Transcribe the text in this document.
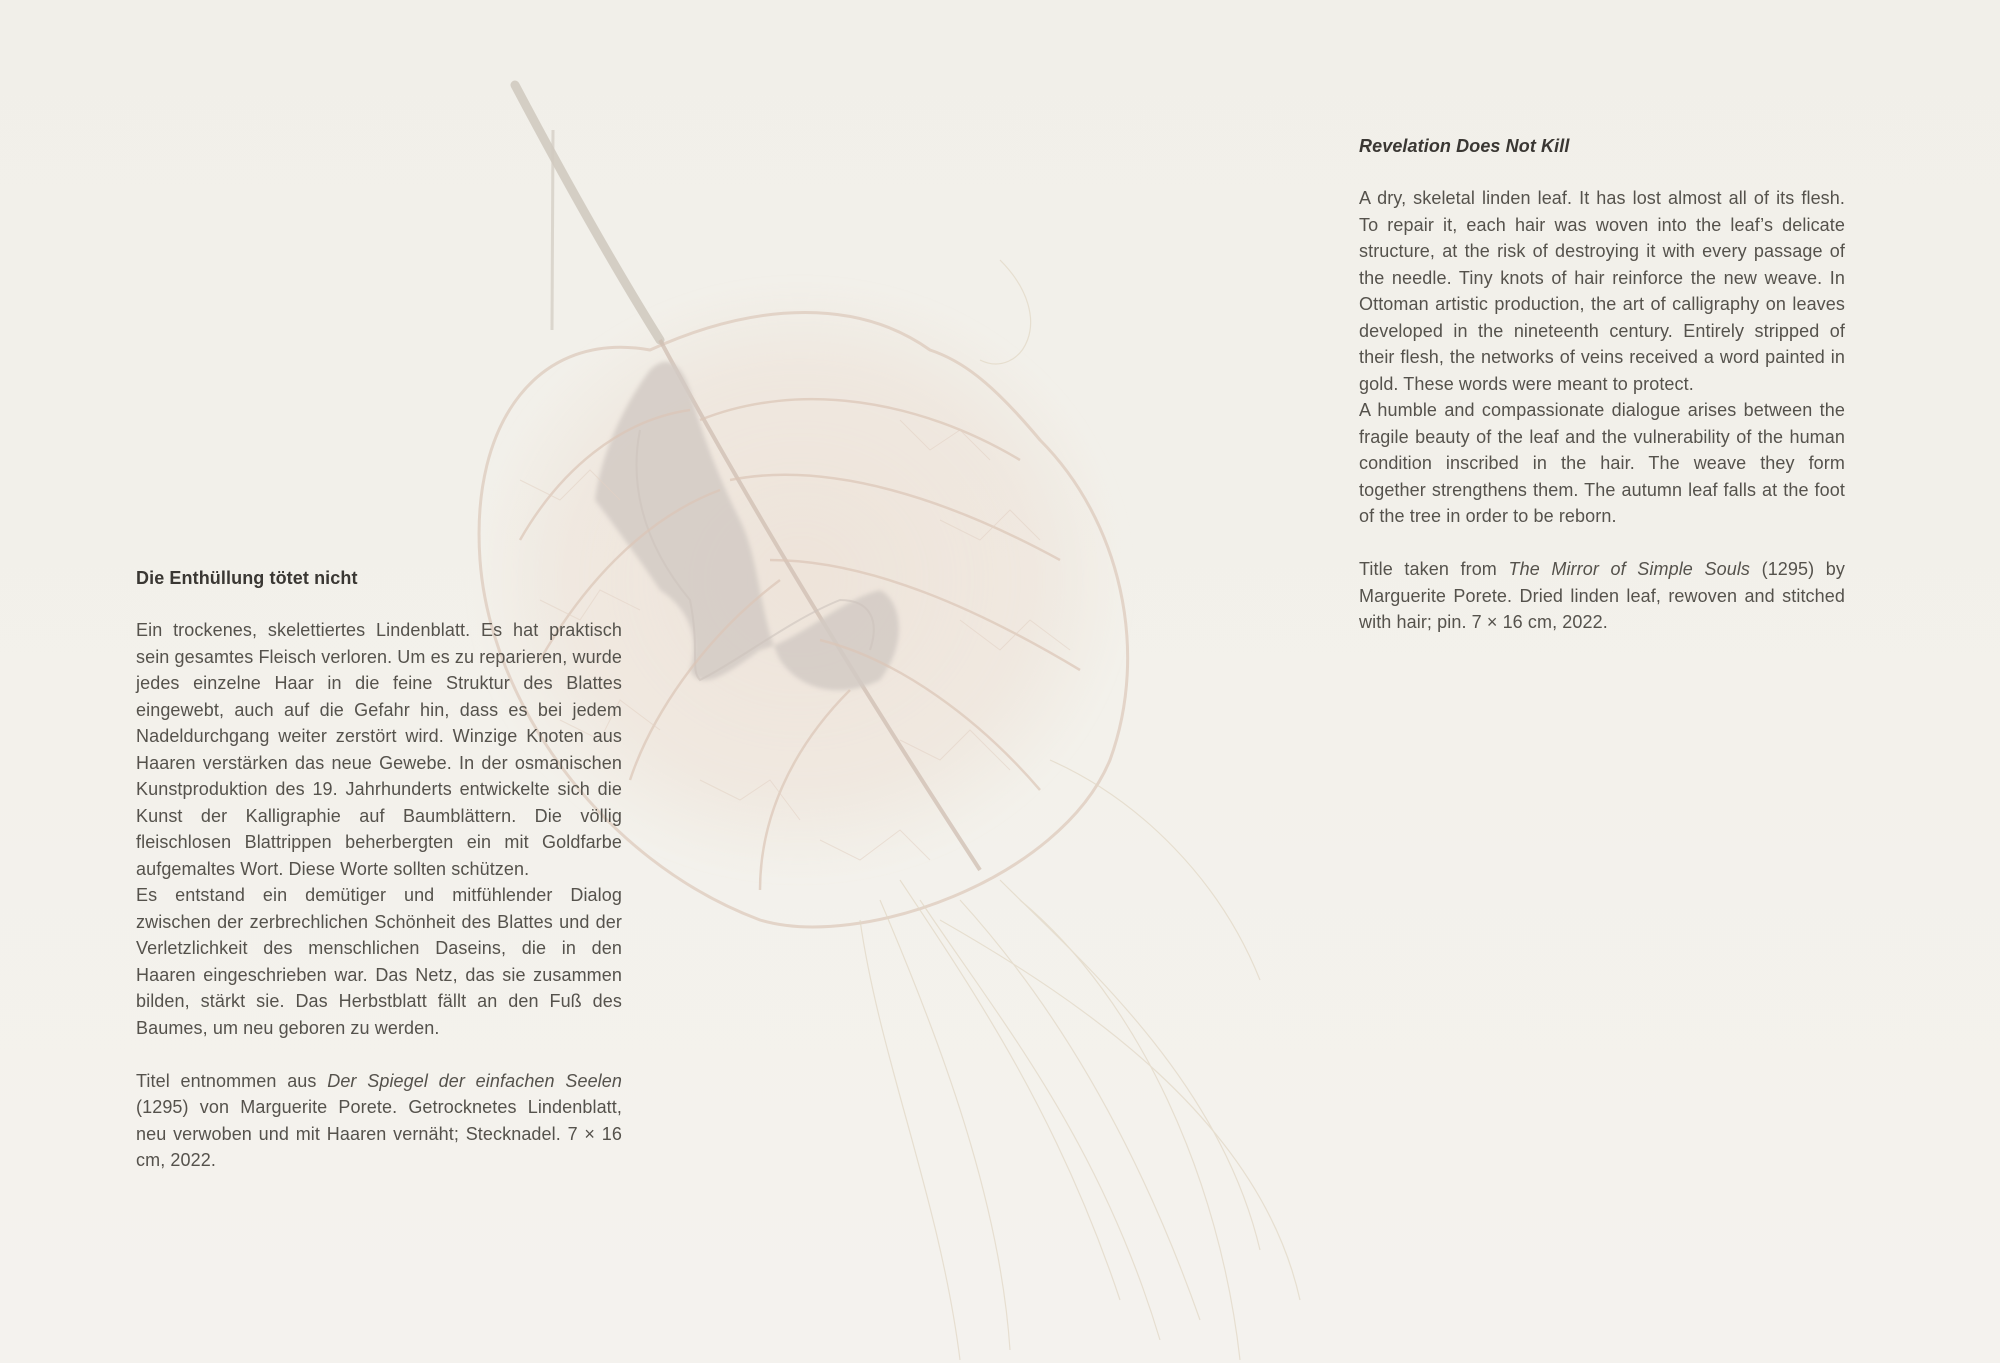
Die Enthüllung tötet nicht

Ein trockenes, skelettiertes Lindenblatt. Es hat praktisch sein gesamtes Fleisch verloren. Um es zu reparieren, wurde jedes einzelne Haar in die feine Struktur des Blattes eingewebt, auch auf die Gefahr hin, dass es bei jedem Nadeldurchgang weiter zerstört wird. Winzige Knoten aus Haaren verstärken das neue Gewebe. In der osmanischen Kunstproduktion des 19. Jahrhunderts entwickelte sich die Kunst der Kalligraphie auf Baumblättern. Die völlig fleischlosen Blattrippen beherbergten ein mit Goldfarbe aufgemaltes Wort. Diese Worte sollten schützen.

Es entstand ein demütiger und mitfühlender Dialog zwischen der zerbrechlichen Schönheit des Blattes und der Verletzlichkeit des menschlichen Daseins, die in den Haaren eingeschrieben war. Das Netz, das sie zusammen bilden, stärkt sie. Das Herbstblatt fällt an den Fuß des Baumes, um neu geboren zu werden.

Titel entnommen aus Der Spiegel der einfachen Seelen (1295) von Marguerite Porete. Getrocknetes Lindenblatt, neu verwoben und mit Haaren vernäht; Stecknadel. 7 × 16 cm, 2022.

Revelation Does Not Kill

A dry, skeletal linden leaf. It has lost almost all of its flesh. To repair it, each hair was woven into the leaf’s delicate structure, at the risk of destroying it with every passage of the needle. Tiny knots of hair reinforce the new weave. In Ottoman artistic production, the art of calligraphy on leaves developed in the nineteenth century. Entirely stripped of their flesh, the networks of veins received a word painted in gold. These words were meant to protect.

A humble and compassionate dialogue arises between the fragile beauty of the leaf and the vulnerability of the human condition inscribed in the hair. The weave they form together strengthens them. The autumn leaf falls at the foot of the tree in order to be reborn.

Title taken from The Mirror of Simple Souls (1295) by Marguerite Porete. Dried linden leaf, rewoven and stitched with hair; pin. 7 × 16 cm, 2022.
